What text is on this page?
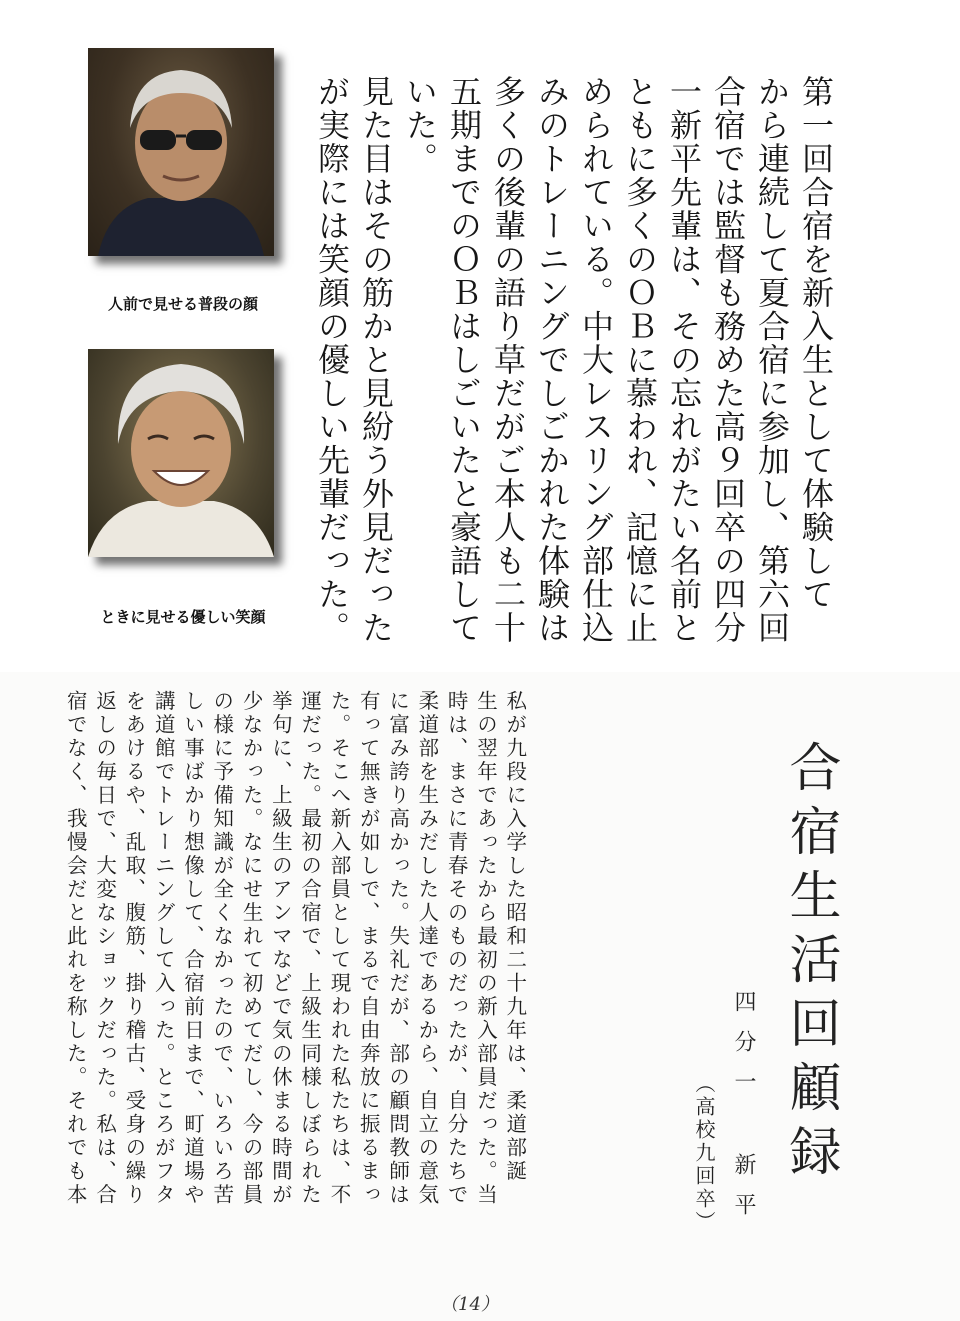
第一回合宿を新入生として体験して
から連続して夏合宿に参加し、第六回
合宿では監督も務めた高９回卒の四分
一新平先輩は、その忘れがたい名前と
ともに多くのＯＢに慕われ、記憶に止
められている。中大レスリング部仕込
みのトレーニングでしごかれた体験は
多くの後輩の語り草だがご本人も二十
五期までのＯＢはしごいたと豪語して
いた。
見た目はその筋かと見紛う外見だった
が実際には笑顔の優しい先輩だった。
人前で見せる普段の顔
ときに見せる優しい笑顔
合宿生活回顧録
四分一 新平
（高校九回卒）
私が九段に入学した昭和二十九年は、柔道部誕
生の翌年であったから最初の新入部員だった。当
時は、まさに青春そのものだったが、自分たちで
柔道部を生みだした人達であるから、自立の意気
に富み誇り高かった。失礼だが、部の顧問教師は
有って無きが如しで、まるで自由奔放に振るまっ
た。そこへ新入部員として現われた私たちは、不
運だった。最初の合宿で、上級生同様しぼられた
挙句に、上級生のアンマなどで気の休まる時間が
少なかった。なにせ生れて初めてだし、今の部員
の様に予備知識が全くなかったので、いろいろ苦
しい事ばかり想像して、合宿前日まで、町道場や
講道館でトレーニングして入った。ところがフタ
をあけるや、乱取、腹筋、掛り稽古、受身の繰り
返しの毎日で、大変なショックだった。私は、合
宿でなく、我慢会だと此れを称した。それでも本
（14）
